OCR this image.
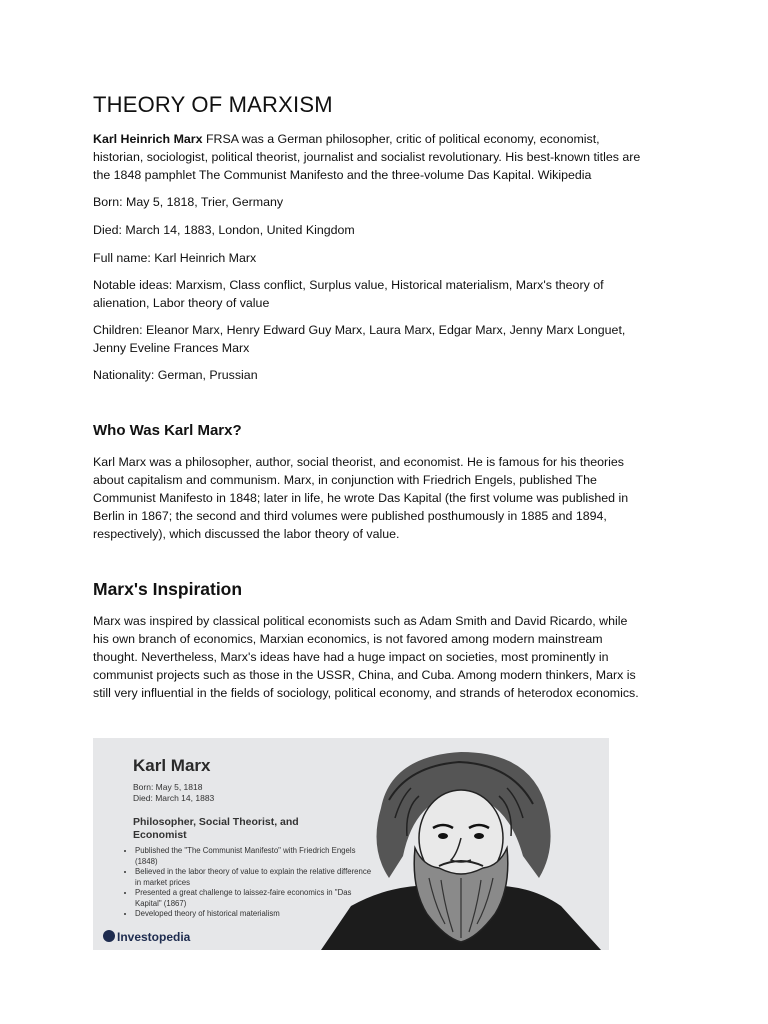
THEORY OF MARXISM

Karl Heinrich Marx FRSA was a German philosopher, critic of political economy, economist, historian, sociologist, political theorist, journalist and socialist revolutionary. His best-known titles are the 1848 pamphlet The Communist Manifesto and the three-volume Das Kapital. Wikipedia

Born: May 5, 1818, Trier, Germany

Died: March 14, 1883, London, United Kingdom

Full name: Karl Heinrich Marx

Notable ideas: Marxism, Class conflict, Surplus value, Historical materialism, Marx's theory of alienation, Labor theory of value

Children: Eleanor Marx, Henry Edward Guy Marx, Laura Marx, Edgar Marx, Jenny Marx Longuet, Jenny Eveline Frances Marx

Nationality: German, Prussian

Who Was Karl Marx?

Karl Marx was a philosopher, author, social theorist, and economist. He is famous for his theories about capitalism and communism. Marx, in conjunction with Friedrich Engels, published The Communist Manifesto in 1848; later in life, he wrote Das Kapital (the first volume was published in Berlin in 1867; the second and third volumes were published posthumously in 1885 and 1894, respectively), which discussed the labor theory of value.

Marx's Inspiration

Marx was inspired by classical political economists such as Adam Smith and David Ricardo, while his own branch of economics, Marxian economics, is not favored among modern mainstream thought. Nevertheless, Marx's ideas have had a huge impact on societies, most prominently in communist projects such as those in the USSR, China, and Cuba. Among modern thinkers, Marx is still very influential in the fields of sociology, political economy, and strands of heterodox economics.

Karl Marx
Born: May 5, 1818
Died: March 14, 1883
Philosopher, Social Theorist, and Economist
• Published the "The Communist Manifesto" with Friedrich Engels (1848)
• Believed in the labor theory of value to explain the relative difference in market prices
• Presented a great challenge to laissez-faire economics in "Das Kapital" (1867)
• Developed theory of historical materialism
Investopedia
